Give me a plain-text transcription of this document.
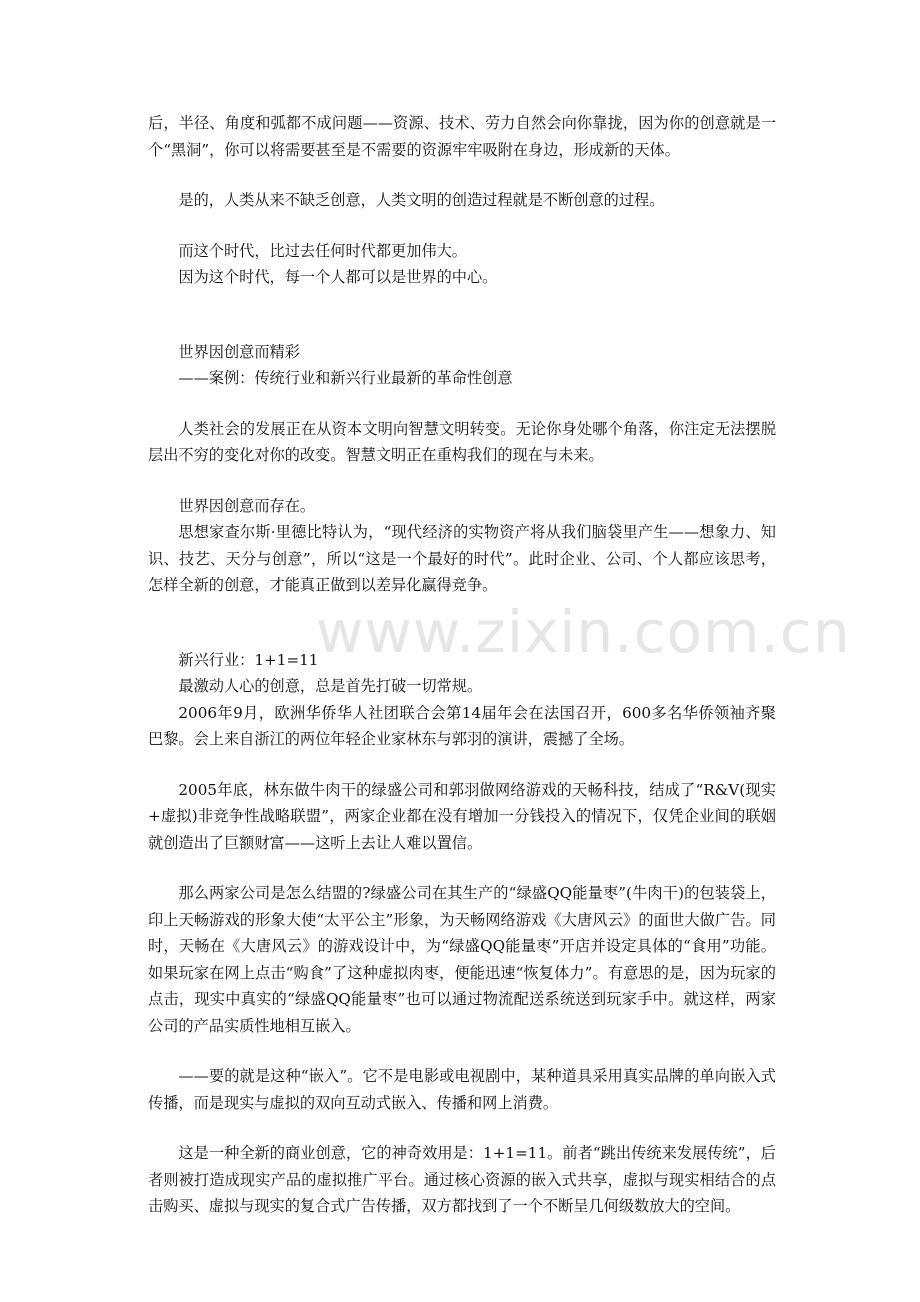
www.zixin.com.cn

后，半径、角度和弧都不成问题——资源、技术、劳力自然会向你靠拢，因为你的创意就是一个“黑洞”，你可以将需要甚至是不需要的资源牢牢吸附在身边，形成新的天体。

是的，人类从来不缺乏创意，人类文明的创造过程就是不断创意的过程。

而这个时代，比过去任何时代都更加伟大。

因为这个时代，每一个人都可以是世界的中心。

世界因创意而精彩

——案例：传统行业和新兴行业最新的革命性创意

人类社会的发展正在从资本文明向智慧文明转变。无论你身处哪个角落，你注定无法摆脱层出不穷的变化对你的改变。智慧文明正在重构我们的现在与未来。

世界因创意而存在。

思想家查尔斯·里德比特认为，“现代经济的实物资产将从我们脑袋里产生——想象力、知识、技艺、天分与创意”，所以“这是一个最好的时代”。此时企业、公司、个人都应该思考，怎样全新的创意，才能真正做到以差异化赢得竞争。

新兴行业：1+1=11

最激动人心的创意，总是首先打破一切常规。

2006年9月，欧洲华侨华人社团联合会第14届年会在法国召开，600多名华侨领袖齐聚巴黎。会上来自浙江的两位年轻企业家林东与郭羽的演讲，震撼了全场。

2005年底，林东做牛肉干的绿盛公司和郭羽做网络游戏的天畅科技，结成了“R&V(现实+虚拟)非竞争性战略联盟”，两家企业都在没有增加一分钱投入的情况下，仅凭企业间的联姻就创造出了巨额财富——这听上去让人难以置信。

那么两家公司是怎么结盟的?绿盛公司在其生产的“绿盛QQ能量枣”(牛肉干)的包装袋上，印上天畅游戏的形象大使“太平公主”形象，为天畅网络游戏《大唐风云》的面世大做广告。同时，天畅在《大唐风云》的游戏设计中，为“绿盛QQ能量枣”开店并设定具体的“食用”功能。如果玩家在网上点击“购食”了这种虚拟肉枣，便能迅速“恢复体力”。有意思的是，因为玩家的点击，现实中真实的“绿盛QQ能量枣”也可以通过物流配送系统送到玩家手中。就这样，两家公司的产品实质性地相互嵌入。

——要的就是这种“嵌入”。它不是电影或电视剧中，某种道具采用真实品牌的单向嵌入式传播，而是现实与虚拟的双向互动式嵌入、传播和网上消费。

这是一种全新的商业创意，它的神奇效用是：1+1=11。前者“跳出传统来发展传统”，后者则被打造成现实产品的虚拟推广平台。通过核心资源的嵌入式共享，虚拟与现实相结合的点击购买、虚拟与现实的复合式广告传播，双方都找到了一个不断呈几何级数放大的空间。
